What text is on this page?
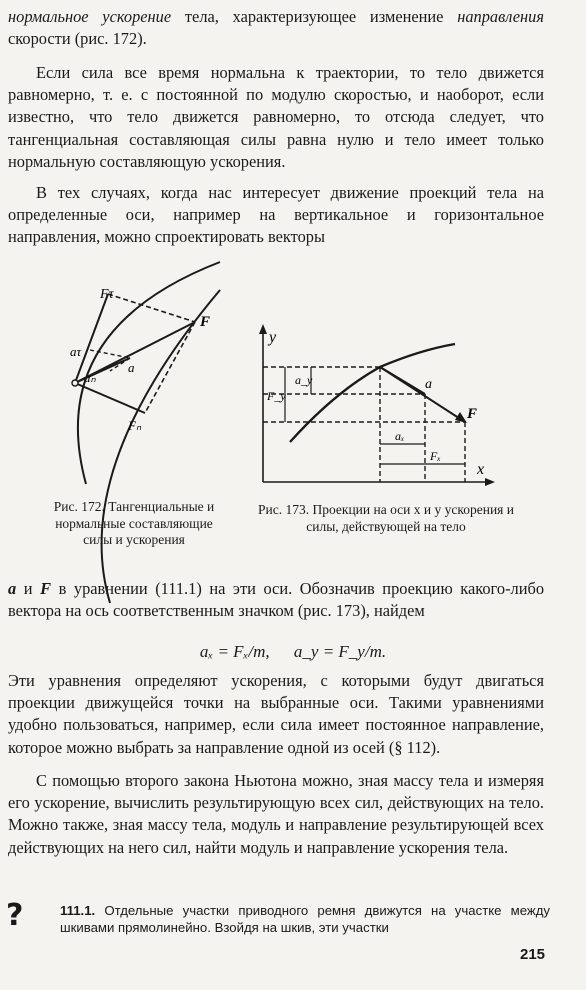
нормальное ускорение тела, характеризующее изменение направления скорости (рис. 172).

Если сила все время нормальна к траектории, то тело движется равномерно, т. е. с постоянной по модулю скоростью, и наоборот, если известно, что тело движется равномерно, то отсюда следует, что тангенциальная составляющая силы равна нулю и тело имеет только нормальную составляющую ускорения.

В тех случаях, когда нас интересует движение проекций тела на определенные оси, например на вертикальное и горизонтальное направления, можно спроектировать векторы

Fτ
F
aτ
a
aₙ
Fₙ

Рис. 172. Тангенциальные и нормальные составляющие силы и ускорения

y
x
F_y
a_y	a
F
aₓ
Fₓ

Рис. 173. Проекции на оси x и y ускорения и силы, действующей на тело

a и F в уравнении (111.1) на эти оси. Обозначив проекцию какого-либо вектора на ось соответственным значком (рис. 173), найдем

aₓ = Fₓ/m, a_y = F_y/m.

Эти уравнения определяют ускорения, с которыми будут двигаться проекции движущейся точки на выбранные оси. Такими уравнениями удобно пользоваться, например, если сила имеет постоянное направление, которое можно выбрать за направление одной из осей (§ 112).

С помощью второго закона Ньютона можно, зная массу тела и измеряя его ускорение, вычислить результирующую всех сил, действующих на тело. Можно также, зная массу тела, модуль и направление результирующей всех действующих на него сил, найти модуль и направление ускорения тела.

?	111.1. Отдельные участки приводного ремня движутся на участке между шкивами прямолинейно. Взойдя на шкив, эти участки

215
